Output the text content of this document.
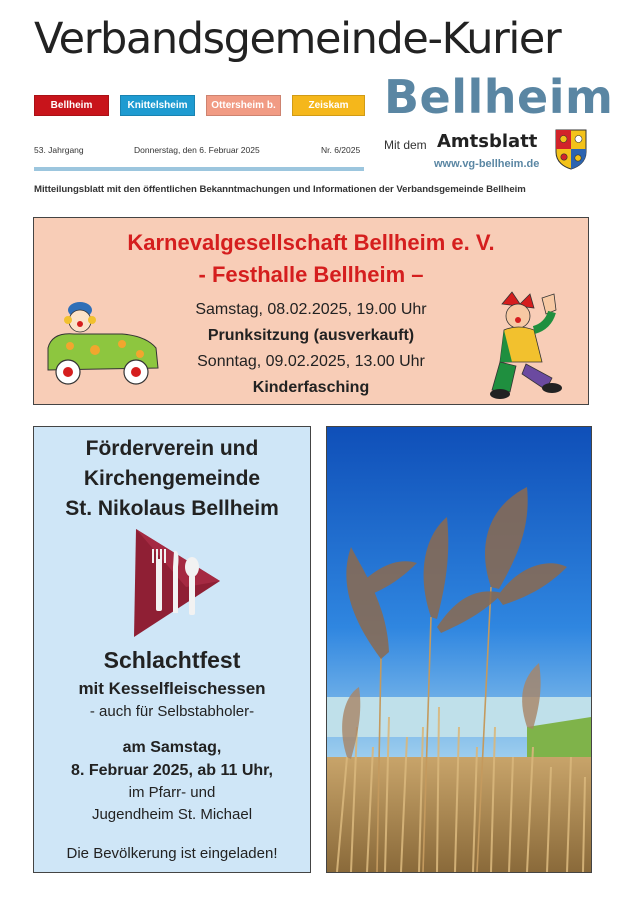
Verbandsgemeinde-Kurier
Bellheim	Knittelsheim	Ottersheim b. L.
Zeiskam Bellheim
53. Jahrgang	Donnerstag, den 6. Februar 2025	Nr. 6/2025 Mit dem Amtsblatt
www.vg-bellheim.de
Mitteilungsblatt mit den öffentlichen Bekanntmachungen und Informationen der Verbandsgemeinde Bellheim
Karnevalgesellschaft Bellheim e. V.
- Festhalle Bellheim –
Samstag, 08.02.2025, 19.00 Uhr
Prunksitzung (ausverkauft)
Sonntag, 09.02.2025, 13.00 Uhr
Kinderfasching
Förderverein und
Kirchengemeinde
St. Nikolaus Bellheim
Schlachtfest
mit Kesselfleischessen
- auch für Selbstabholer-
am Samstag,
8. Februar 2025, ab 11 Uhr,
im Pfarr- und
Jugendheim St. Michael
Die Bevölkerung ist eingeladen!
